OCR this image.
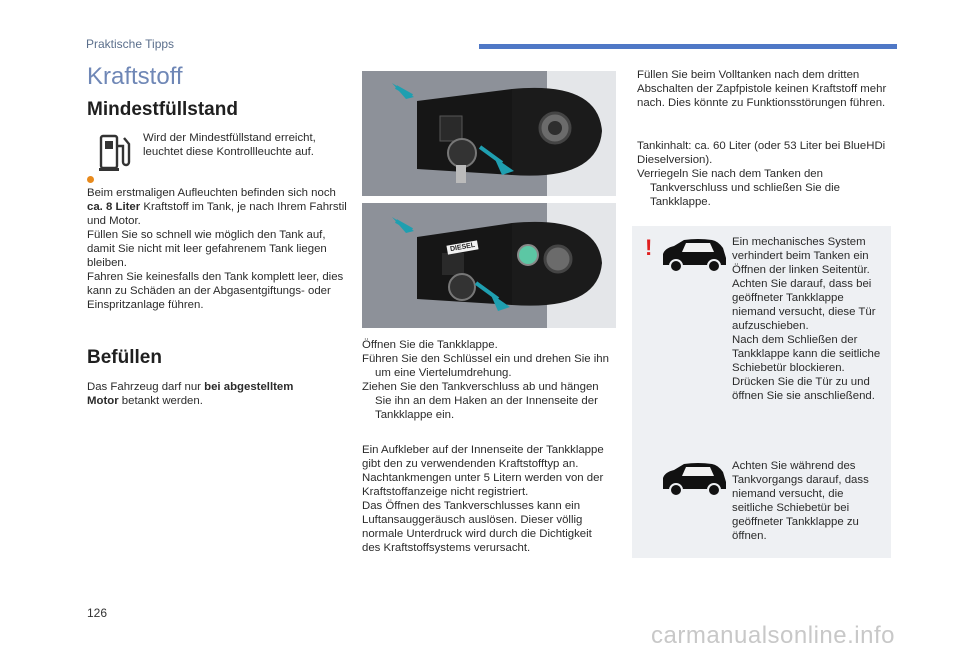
Praktische Tipps
Kraftstoff
Mindestfüllstand
Wird der Mindestfüllstand erreicht, leuchtet diese Kontrollleuchte auf.
Beim erstmaligen Aufleuchten befinden sich noch ca. 8 Liter Kraftstoff im Tank, je nach Ihrem Fahrstil und Motor.
Füllen Sie so schnell wie möglich den Tank auf, damit Sie nicht mit leer gefahrenem Tank liegen bleiben.
Fahren Sie keinesfalls den Tank komplett leer, dies kann zu Schäden an der Abgasentgiftungs- oder Einspritzanlage führen.
Befüllen
Das Fahrzeug darf nur bei abgestelltem Motor betankt werden.
DIESEL
Öffnen Sie die Tankklappe.
Führen Sie den Schlüssel ein und drehen Sie ihn um eine Viertelumdrehung.
Ziehen Sie den Tankverschluss ab und hängen Sie ihn an dem Haken an der Innenseite der Tankklappe ein.
Ein Aufkleber auf der Innenseite der Tankklappe gibt den zu verwendenden Kraftstofftyp an.
Nachtankmengen unter 5 Litern werden von der Kraftstoffanzeige nicht registriert.
Das Öffnen des Tankverschlusses kann ein Luftansauggeräusch auslösen. Dieser völlig normale Unterdruck wird durch die Dichtigkeit des Kraftstoffsystems verursacht.
Füllen Sie beim Volltanken nach dem dritten Abschalten der Zapfpistole keinen Kraftstoff mehr nach. Dies könnte zu Funktionsstörungen führen.
Tankinhalt: ca. 60 Liter (oder 53 Liter bei BlueHDi Dieselversion).
Verriegeln Sie nach dem Tanken den Tankverschluss und schließen Sie die Tankklappe.
!	Ein mechanisches System verhindert beim Tanken ein Öffnen der linken Seitentür. Achten Sie darauf, dass bei geöffneter Tankklappe niemand versucht, diese Tür aufzuschieben.
Nach dem Schließen der Tankklappe kann die seitliche Schiebetür blockieren. Drücken Sie die Tür zu und öffnen Sie sie anschließend.
Achten Sie während des Tankvorgangs darauf, dass niemand versucht, die seitliche Schiebetür bei geöffneter Tankklappe zu öffnen.
126
carmanualsonline.info
